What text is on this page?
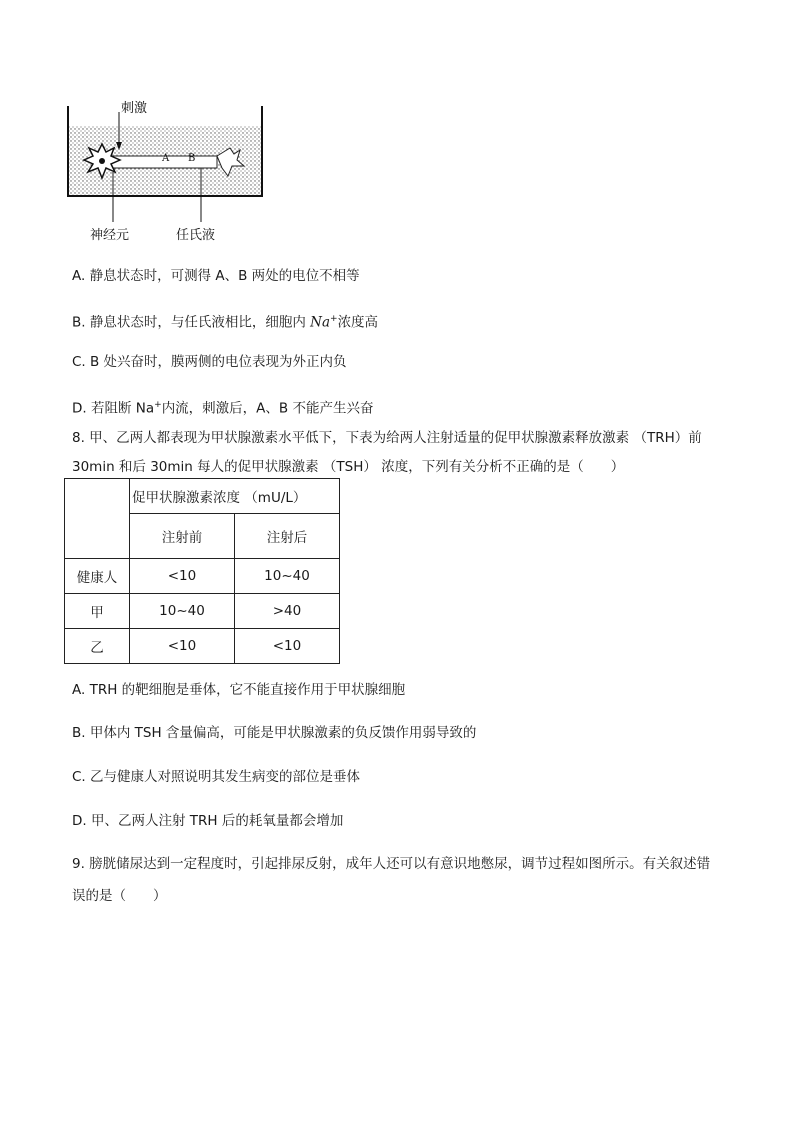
刺激
A B
神经元	任氏液
A. 静息状态时，可测得 A、B 两处的电位不相等
B. 静息状态时，与任氏液相比，细胞内 Na+浓度高
C. B 处兴奋时，膜两侧的电位表现为外正内负
D. 若阻断 Na+内流，刺激后，A、B 不能产生兴奋
8. 甲、乙两人都表现为甲状腺激素水平低下，下表为给两人注射适量的促甲状腺激素释放激素 （TRH）前
30min 和后 30min 每人的促甲状腺激素 （TSH） 浓度，下列有关分析不正确的是（　　）
	促甲状腺激素浓度 （mU/L）	
	注射前	注射后
健康人	<10	10~40
甲	10~40	>40
乙	<10	<10
A. TRH 的靶细胞是垂体，它不能直接作用于甲状腺细胞
B. 甲体内 TSH 含量偏高，可能是甲状腺激素的负反馈作用弱导致的
C. 乙与健康人对照说明其发生病变的部位是垂体
D. 甲、乙两人注射 TRH 后的耗氧量都会增加
9. 膀胱储尿达到一定程度时，引起排尿反射，成年人还可以有意识地憋尿，调节过程如图所示。有关叙述错
误的是（　　）
